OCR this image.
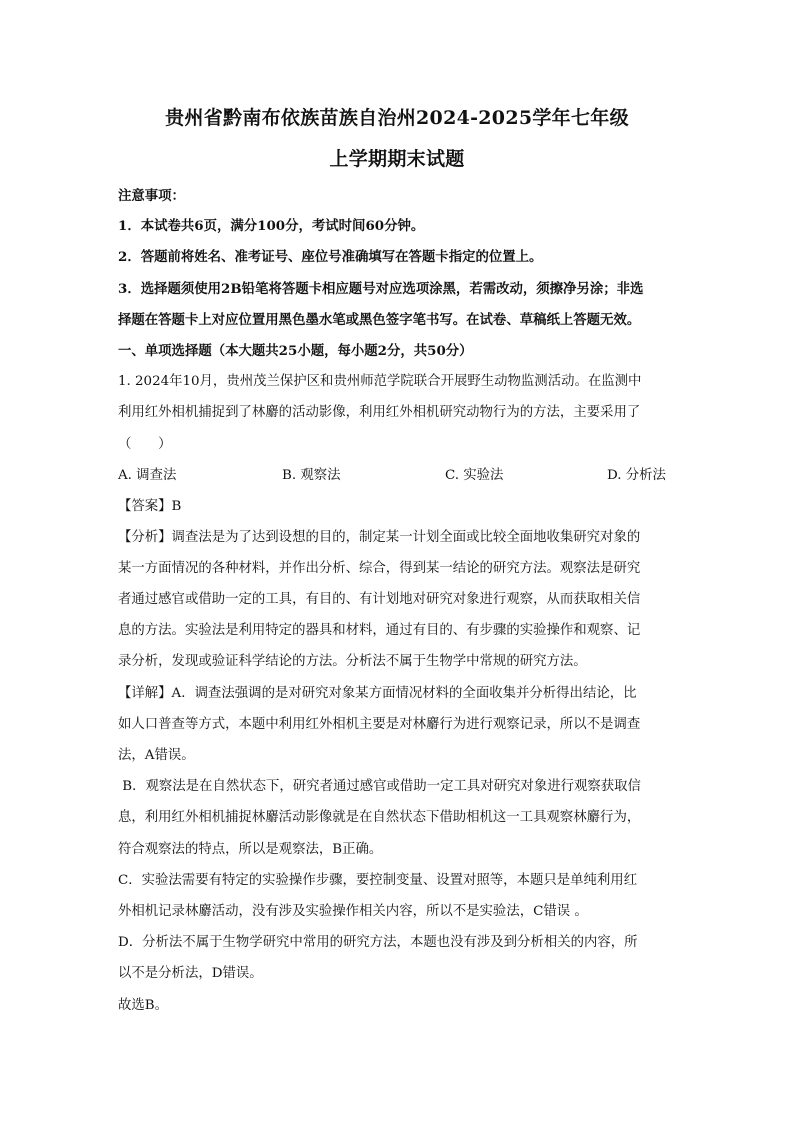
贵州省黔南布依族苗族自治州2024-2025学年七年级
上学期期末试题
注意事项：
1．本试卷共6页，满分100分，考试时间60分钟。
2．答题前将姓名、准考证号、座位号准确填写在答题卡指定的位置上。
3．选择题须使用2B铅笔将答题卡相应题号对应选项涂黑，若需改动，须擦净另涂；非选
择题在答题卡上对应位置用黑色墨水笔或黑色签字笔书写。在试卷、草稿纸上答题无效。
一、单项选择题（本大题共25小题，每小题2分，共50分）
1. 2024年10月，贵州茂兰保护区和贵州师范学院联合开展野生动物监测活动。在监测中
利用红外相机捕捉到了林麝的活动影像，利用红外相机研究动物行为的方法，主要采用了
（　　）
A. 调查法	B. 观察法	C. 实验法	D. 分析法
【答案】B
【分析】调查法是为了达到设想的目的，制定某一计划全面或比较全面地收集研究对象的
某一方面情况的各种材料，并作出分析、综合，得到某一结论的研究方法。观察法是研究
者通过感官或借助一定的工具，有目的、有计划地对研究对象进行观察，从而获取相关信
息的方法。实验法是利用特定的器具和材料，通过有目的、有步骤的实验操作和观察、记
录分析，发现或验证科学结论的方法。分析法不属于生物学中常规的研究方法。
【详解】A．调查法强调的是对研究对象某方面情况材料的全面收集并分析得出结论，比
如人口普查等方式，本题中利用红外相机主要是对林麝行为进行观察记录，所以不是调查
法，A错误。
B．观察法是在自然状态下，研究者通过感官或借助一定工具对研究对象进行观察获取信
息，利用红外相机捕捉林麝活动影像就是在自然状态下借助相机这一工具观察林麝行为，
符合观察法的特点，所以是观察法，B正确。
C．实验法需要有特定的实验操作步骤，要控制变量、设置对照等，本题只是单纯利用红
外相机记录林麝活动，没有涉及实验操作相关内容，所以不是实验法，C错误 。
D．分析法不属于生物学研究中常用的研究方法，本题也没有涉及到分析相关的内容，所
以不是分析法，D错误。
故选B。
